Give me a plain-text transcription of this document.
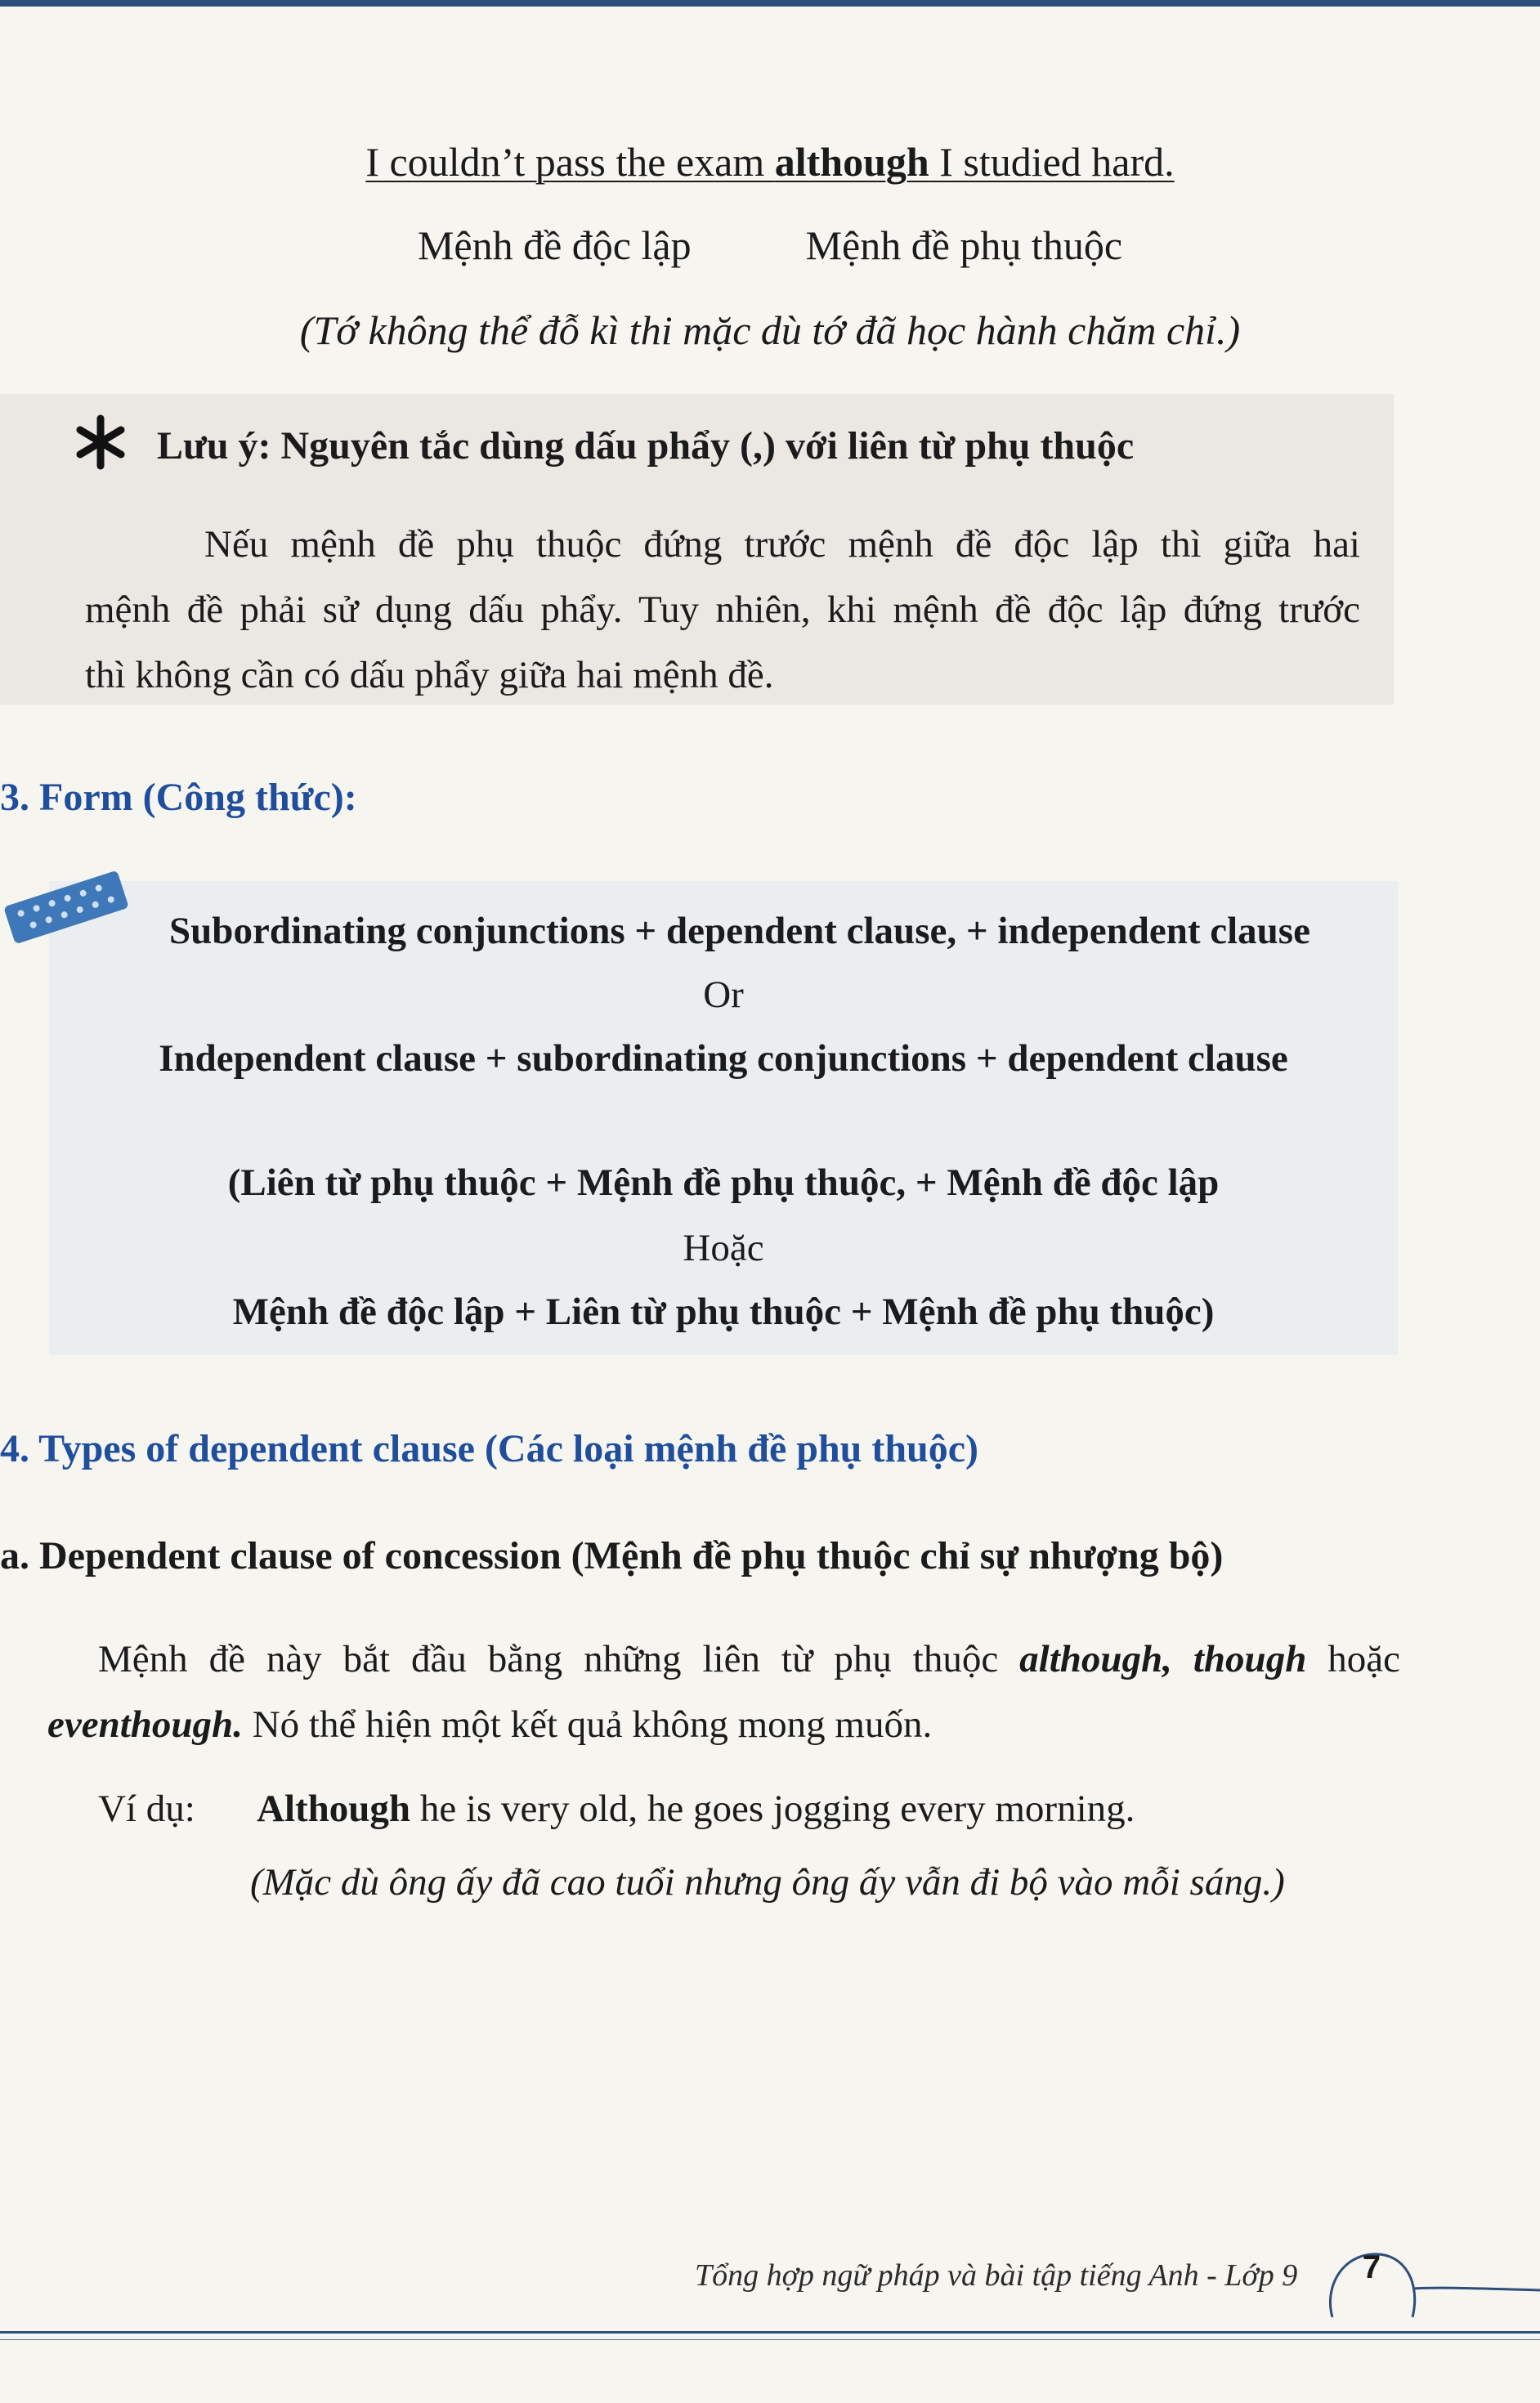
I couldn’t pass the exam although I studied hard.
Mệnh đề độc lập	Mệnh đề phụ thuộc
(Tớ không thể đỗ kì thi mặc dù tớ đã học hành chăm chỉ.)
Lưu ý: Nguyên tắc dùng dấu phẩy (,) với liên từ phụ thuộc

Nếu mệnh đề phụ thuộc đứng trước mệnh đề độc lập thì giữa hai

mệnh đề phải sử dụng dấu phẩy. Tuy nhiên, khi mệnh đề độc lập đứng trước

thì không cần có dấu phẩy giữa hai mệnh đề.

3. Form (Công thức):
Subordinating conjunctions + dependent clause, + independent clause
Or
Independent clause + subordinating conjunctions + dependent clause
(Liên từ phụ thuộc + Mệnh đề phụ thuộc, + Mệnh đề độc lập
Hoặc
Mệnh đề độc lập + Liên từ phụ thuộc + Mệnh đề phụ thuộc)
4. Types of dependent clause (Các loại mệnh đề phụ thuộc)
a. Dependent clause of concession (Mệnh đề phụ thuộc chỉ sự nhượng bộ)

Mệnh đề này bắt đầu bằng những liên từ phụ thuộc although, though hoặc

eventhough. Nó thể hiện một kết quả không mong muốn.

Ví dụ: Although he is very old, he goes jogging every morning.
(Mặc dù ông ấy đã cao tuổi nhưng ông ấy vẫn đi bộ vào mỗi sáng.)
Tổng hợp ngữ pháp và bài tập tiếng Anh - Lớp 9	7
